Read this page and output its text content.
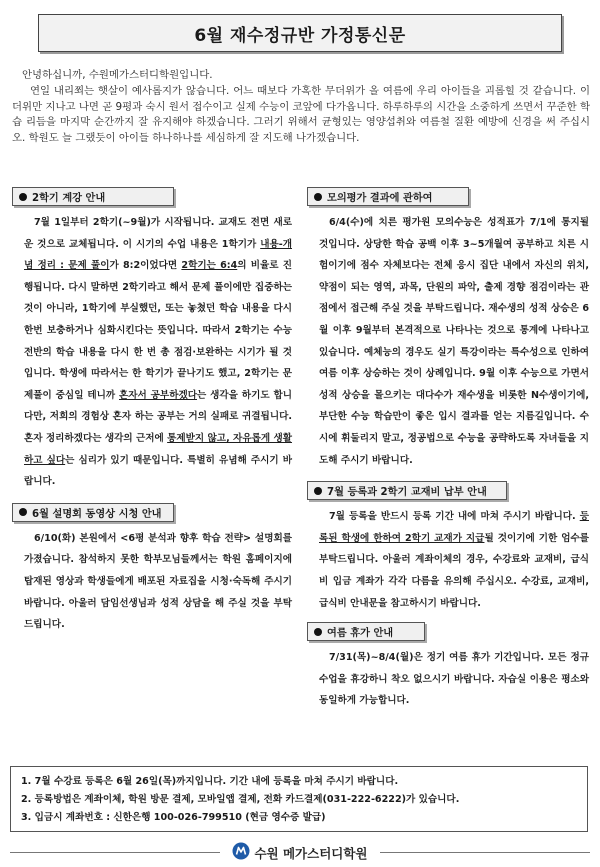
6월 재수정규반 가정통신문

안녕하십니까, 수원메가스터디학원입니다.

연일 내리쬐는 햇살이 예사롭지가 않습니다. 어느 때보다 가혹한 무더위가 올 여름에 우리 아이들을 괴롭힐 것 같습니다. 이 더위만 지나고 나면 곧 9평과 숙시 원서 접수이고 실제 수능이 코앞에 다가옵니다. 하루하루의 시간을 소중하게 쓰면서 꾸준한 학습 리듬을 마지막 순간까지 잘 유지해야 하겠습니다. 그러기 위해서 균형있는 영양섭취와 여름철 질환 예방에 신경을 써 주십시오. 학원도 늘 그랬듯이 아이들 하나하나를 세심하게 잘 지도해 나가겠습니다.

2학기 계강 안내
7월 1일부터 2학기(~9월)가 시작됩니다. 교재도 전면 새로운 것으로 교체됩니다. 이 시기의 수업 내용은 1학기가 내용-개념 정리 : 문제 풀이가 8:2이었다면 2학기는 6:4의 비율로 진행됩니다. 다시 말하면 2학기라고 해서 문제 풀이에만 집중하는 것이 아니라, 1학기에 부실했던, 또는 놓쳤던 학습 내용을 다시 한번 보충하거나 심화시킨다는 뜻입니다. 따라서 2학기는 수능 전반의 학습 내용을 다시 한 번 총 점검·보완하는 시기가 될 것입니다. 학생에 따라서는 한 학기가 끝나기도 했고, 2학기는 문제풀이 중심일 테니까 혼자서 공부하겠다는 생각을 하기도 합니다만, 저희의 경험상 혼자 하는 공부는 거의 실패로 귀결됩니다. 혼자 정리하겠다는 생각의 근저에 통제받지 않고, 자유롭게 생활하고 싶다는 심리가 있기 때문입니다. 특별히 유념해 주시기 바랍니다.
6월 설명회 동영상 시청 안내
6/10(화) 본원에서 <6평 분석과 향후 학습 전략> 설명회를 가졌습니다. 참석하지 못한 학부모님들께서는 학원 홈페이지에 탑재된 영상과 학생들에게 배포된 자료집을 시청·숙독해 주시기 바랍니다. 아울러 담임선생님과 성적 상담을 해 주실 것을 부탁드립니다.
모의평가 결과에 관하여
6/4(수)에 치른 평가원 모의수능은 성적표가 7/1에 통지될 것입니다. 상당한 학습 공백 이후 3~5개월여 공부하고 치른 시험이기에 점수 자체보다는 전체 응시 집단 내에서 자신의 위치, 약점이 되는 영역, 과목, 단원의 파악, 출제 경향 점검이라는 관점에서 접근해 주실 것을 부탁드립니다. 재수생의 성적 상승은 6월 이후 9월부터 본격적으로 나타나는 것으로 통계에 나타나고 있습니다. 예체능의 경우도 실기 특강이라는 특수성으로 인하여 여름 이후 상승하는 것이 상례입니다. 9월 이후 수능으로 가면서 성적 상승을 몰으키는 대다수가 재수생을 비롯한 N수생이기에, 부단한 수능 학습만이 좋은 입시 결과를 얻는 지름길입니다. 수시에 휘둘리지 말고, 정공법으로 수능을 공략하도록 자녀들을 지도해 주시기 바랍니다.
7월 등록과 2학기 교재비 납부 안내
7월 등록을 반드시 등록 기간 내에 마쳐 주시기 바랍니다. 등록된 학생에 한하여 2학기 교재가 지급될 것이기에 기한 엄수를 부탁드립니다. 아울러 계좌이체의 경우, 수강료와 교재비, 급식비 입금 계좌가 각각 다름을 유의해 주십시오. 수강료, 교재비, 급식비 안내문을 참고하시기 바랍니다.
여름 휴가 안내
7/31(목)~8/4(월)은 정기 여름 휴가 기간입니다. 모든 정규수업을 휴강하니 착오 없으시기 바랍니다. 자습실 이용은 평소와 동일하게 가능합니다.
1. 7월 수강료 등록은 6월 26일(목)까지입니다. 기간 내에 등록을 마쳐 주시기 바랍니다.
2. 등록방법은 계좌이체, 학원 방문 결제, 모바일앱 결제, 전화 카드결제(031-222-6222)가 있습니다.
3. 입금시 계좌번호 : 신한은행 100-026-799510 (현금 영수증 발급)
수원 메가스터디학원
